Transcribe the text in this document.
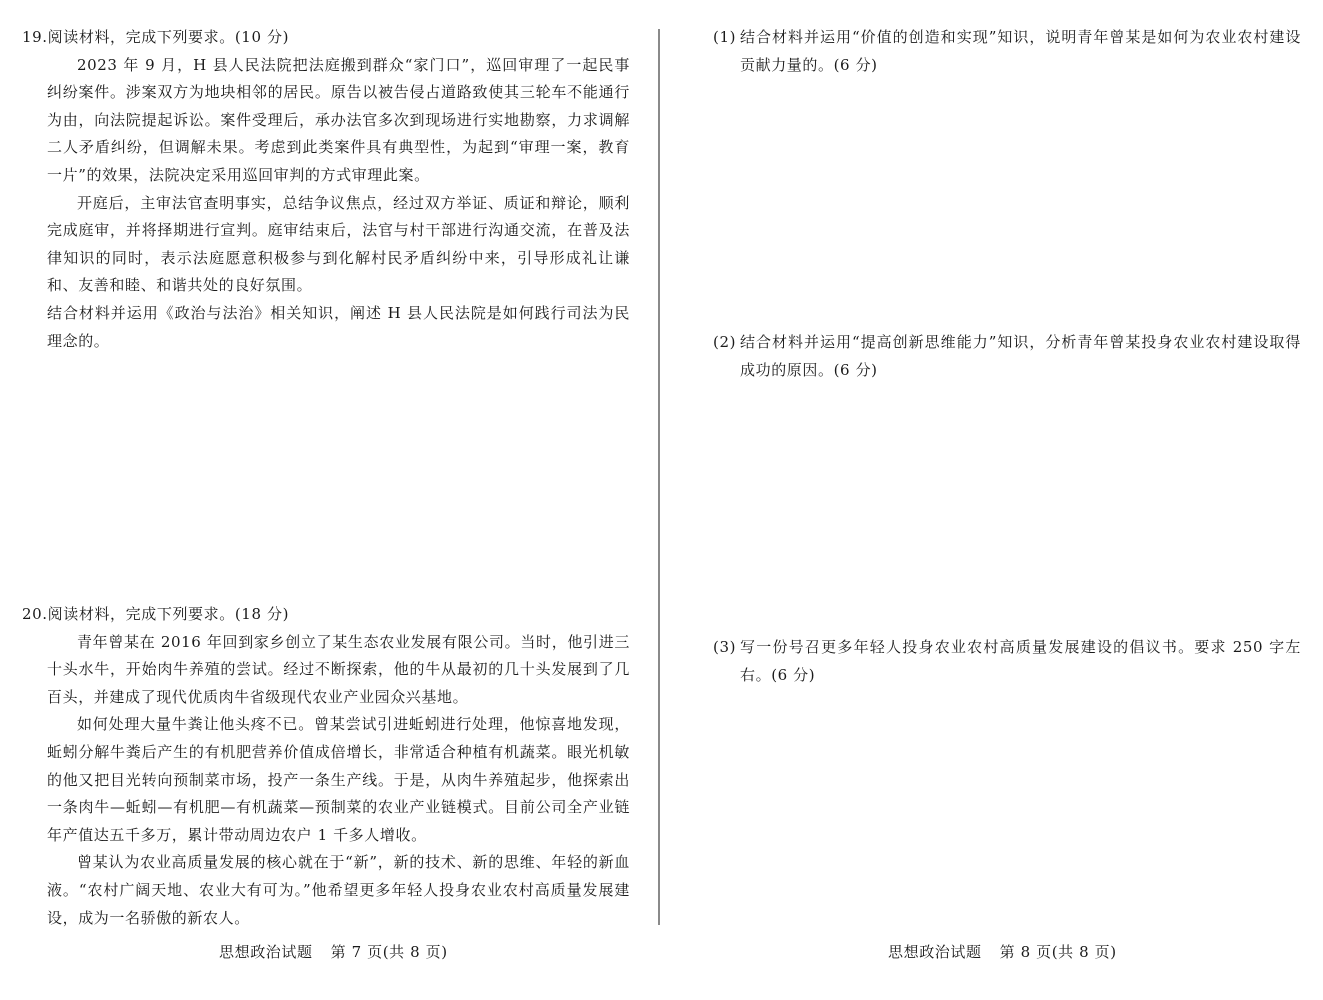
19.阅读材料，完成下列要求。(10 分)
2023 年 9 月，H 县人民法院把法庭搬到群众“家门口”，巡回审理了一起民事纠纷案件。涉案双方为地块相邻的居民。原告以被告侵占道路致使其三轮车不能通行为由，向法院提起诉讼。案件受理后，承办法官多次到现场进行实地勘察，力求调解二人矛盾纠纷，但调解未果。考虑到此类案件具有典型性，为起到“审理一案，教育一片”的效果，法院决定采用巡回审判的方式审理此案。
开庭后，主审法官查明事实，总结争议焦点，经过双方举证、质证和辩论，顺利完成庭审，并将择期进行宣判。庭审结束后，法官与村干部进行沟通交流，在普及法律知识的同时，表示法庭愿意积极参与到化解村民矛盾纠纷中来，引导形成礼让谦和、友善和睦、和谐共处的良好氛围。
结合材料并运用《政治与法治》相关知识，阐述 H 县人民法院是如何践行司法为民理念的。
20.阅读材料，完成下列要求。(18 分)
青年曾某在 2016 年回到家乡创立了某生态农业发展有限公司。当时，他引进三十头水牛，开始肉牛养殖的尝试。经过不断探索，他的牛从最初的几十头发展到了几百头，并建成了现代优质肉牛省级现代农业产业园众兴基地。
如何处理大量牛粪让他头疼不已。曾某尝试引进蚯蚓进行处理，他惊喜地发现，蚯蚓分解牛粪后产生的有机肥营养价值成倍增长，非常适合种植有机蔬菜。眼光机敏的他又把目光转向预制菜市场，投产一条生产线。于是，从肉牛养殖起步，他探索出一条肉牛—蚯蚓—有机肥—有机蔬菜—预制菜的农业产业链模式。目前公司全产业链年产值达五千多万，累计带动周边农户 1 千多人增收。
曾某认为农业高质量发展的核心就在于“新”，新的技术、新的思维、年轻的新血液。“农村广阔天地、农业大有可为。”他希望更多年轻人投身农业农村高质量发展建设，成为一名骄傲的新农人。
思想政治试题 第 7 页(共 8 页)
(1) 结合材料并运用“价值的创造和实现”知识，说明青年曾某是如何为农业农村建设贡献力量的。(6 分)
(2) 结合材料并运用“提高创新思维能力”知识，分析青年曾某投身农业农村建设取得成功的原因。(6 分)
(3) 写一份号召更多年轻人投身农业农村高质量发展建设的倡议书。要求 250 字左右。(6 分)
思想政治试题 第 8 页(共 8 页)
